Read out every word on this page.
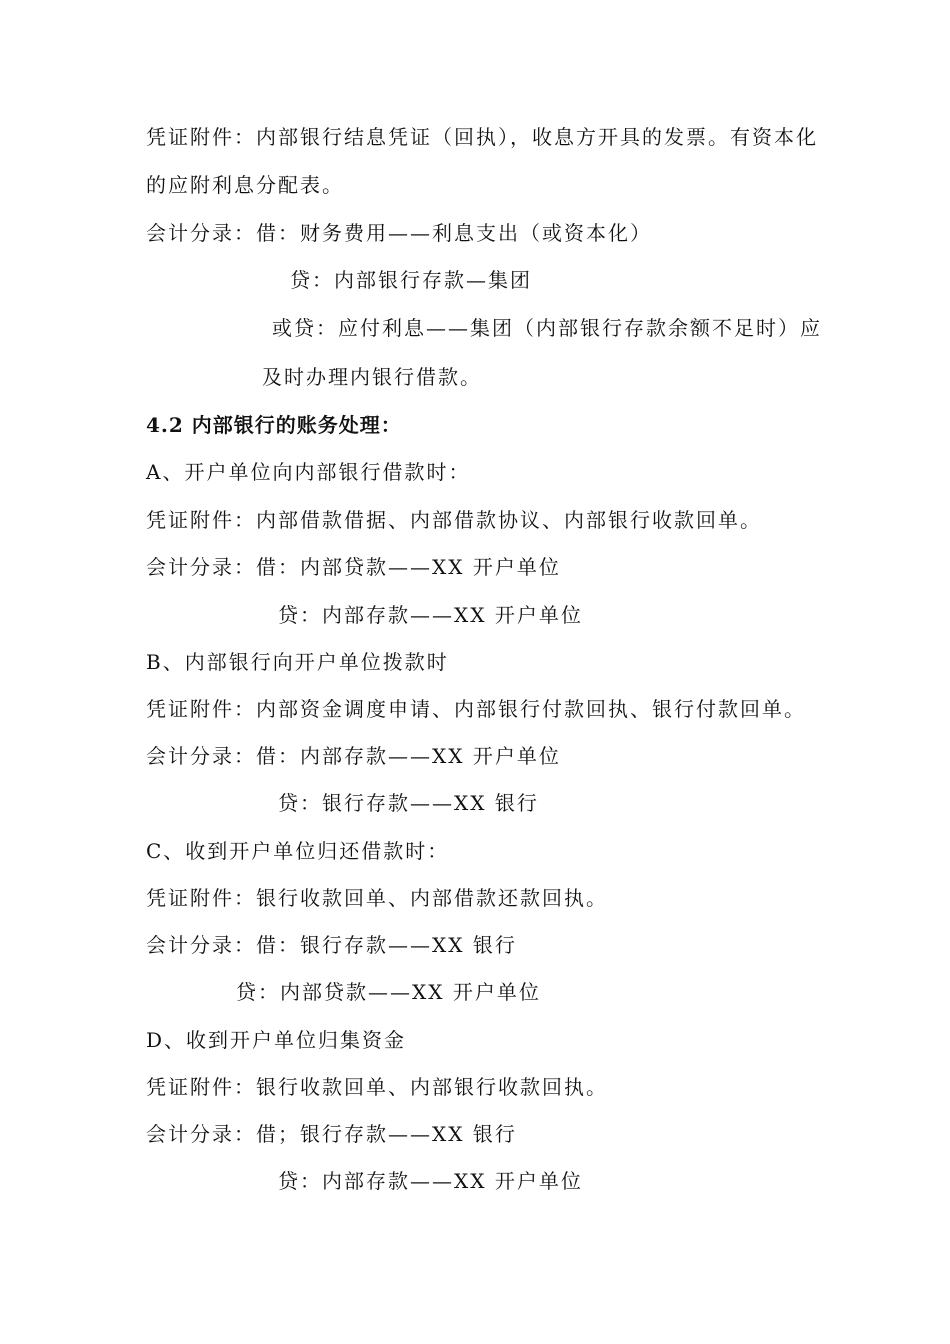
凭证附件：内部银行结息凭证（回执），收息方开具的发票。有资本化
的应附利息分配表。
会计分录：借：财务费用——利息支出（或资本化）
贷：内部银行存款—集团
或贷：应付利息——集团（内部银行存款余额不足时）应
及时办理内银行借款。
4.2 内部银行的账务处理：
A、开户单位向内部银行借款时：
凭证附件：内部借款借据、内部借款协议、内部银行收款回单。
会计分录：借：内部贷款——XX 开户单位
贷：内部存款——XX 开户单位
B、内部银行向开户单位拨款时
凭证附件：内部资金调度申请、内部银行付款回执、银行付款回单。
会计分录：借：内部存款——XX 开户单位
贷：银行存款——XX 银行
C、收到开户单位归还借款时：
凭证附件：银行收款回单、内部借款还款回执。
会计分录：借：银行存款——XX 银行
贷：内部贷款——XX 开户单位
D、收到开户单位归集资金
凭证附件：银行收款回单、内部银行收款回执。
会计分录：借；银行存款——XX 银行
贷：内部存款——XX 开户单位
